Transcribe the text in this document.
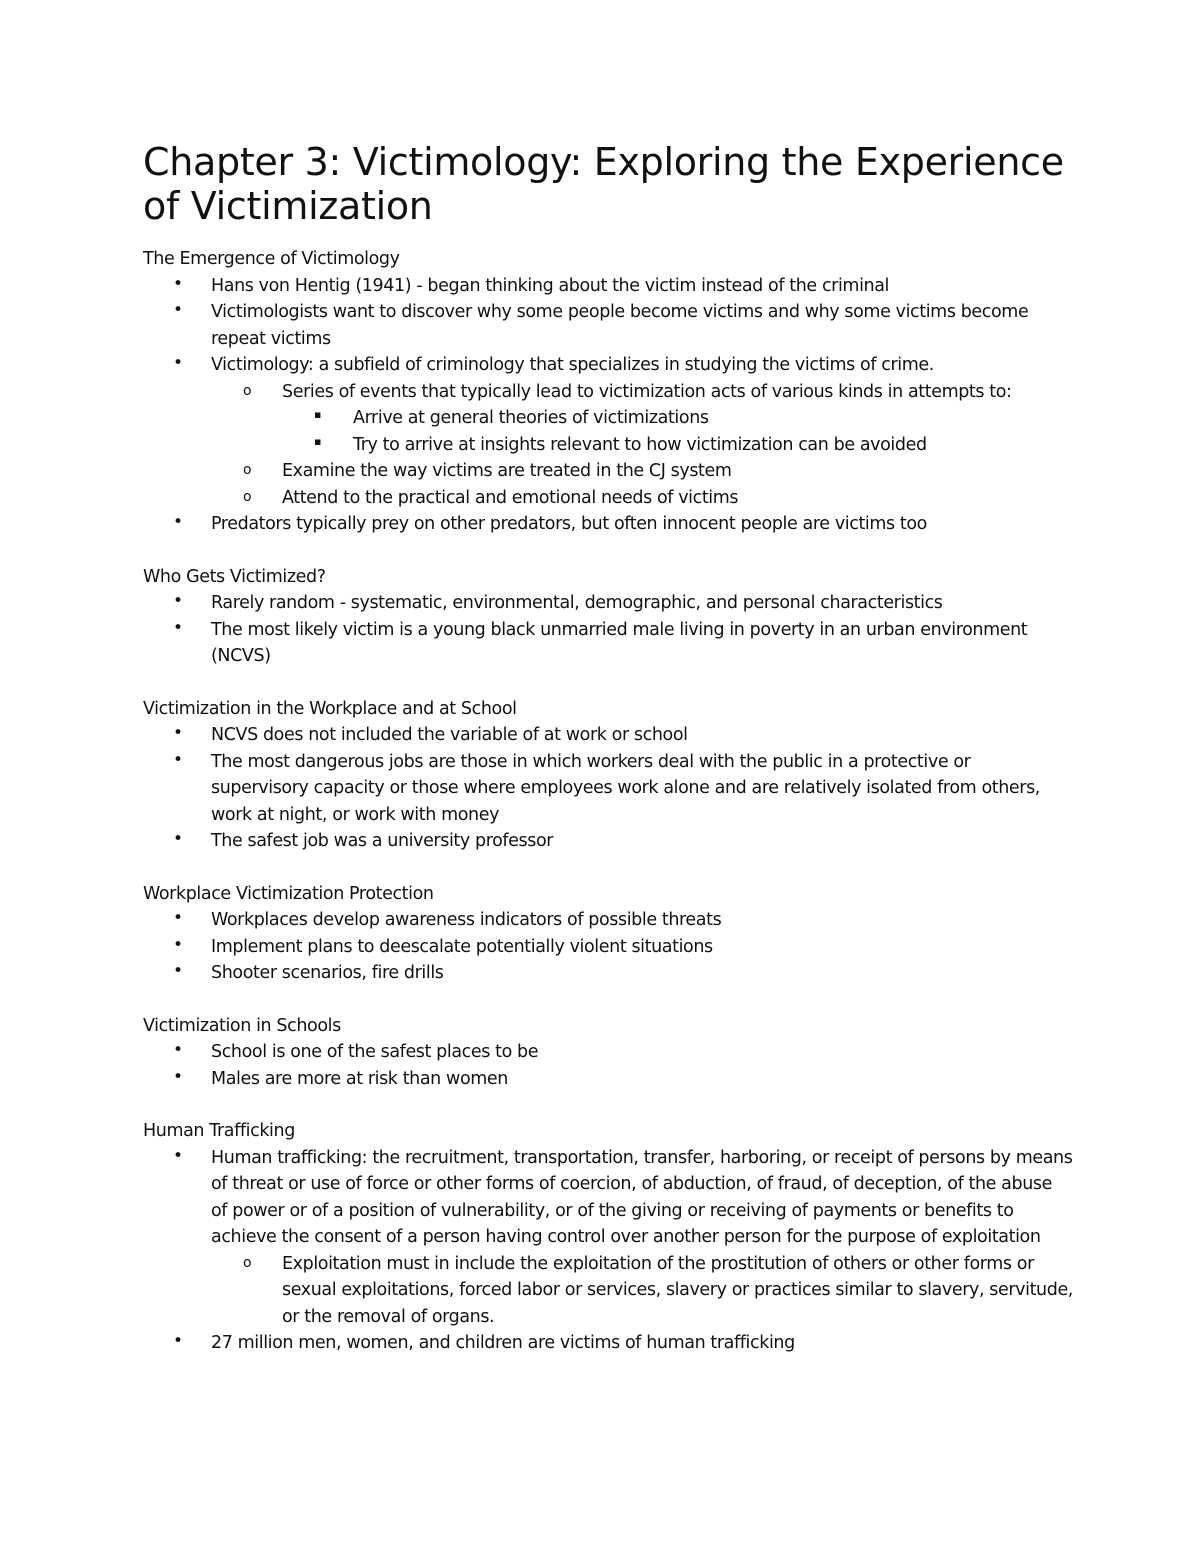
Chapter 3: Victimology: Exploring the Experience of Victimization

The Emergence of Victimology

• Hans von Hentig (1941) - began thinking about the victim instead of the criminal
• Victimologists want to discover why some people become victims and why some victims become repeat victims
• Victimology: a subfield of criminology that specializes in studying the victims of crime.
o Series of events that typically lead to victimization acts of various kinds in attempts to:
▪ Arrive at general theories of victimizations
▪ Try to arrive at insights relevant to how victimization can be avoided
o Examine the way victims are treated in the CJ system
o Attend to the practical and emotional needs of victims
• Predators typically prey on other predators, but often innocent people are victims too

Who Gets Victimized?

• Rarely random - systematic, environmental, demographic, and personal characteristics
• The most likely victim is a young black unmarried male living in poverty in an urban environment (NCVS)

Victimization in the Workplace and at School

• NCVS does not included the variable of at work or school
• The most dangerous jobs are those in which workers deal with the public in a protective or supervisory capacity or those where employees work alone and are relatively isolated from others, work at night, or work with money
• The safest job was a university professor

Workplace Victimization Protection

• Workplaces develop awareness indicators of possible threats
• Implement plans to deescalate potentially violent situations
• Shooter scenarios, fire drills

Victimization in Schools

• School is one of the safest places to be
• Males are more at risk than women

Human Trafficking

• Human trafficking: the recruitment, transportation, transfer, harboring, or receipt of persons by means of threat or use of force or other forms of coercion, of abduction, of fraud, of deception, of the abuse of power or of a position of vulnerability, or of the giving or receiving of payments or benefits to achieve the consent of a person having control over another person for the purpose of exploitation
o Exploitation must in include the exploitation of the prostitution of others or other forms or sexual exploitations, forced labor or services, slavery or practices similar to slavery, servitude, or the removal of organs.
• 27 million men, women, and children are victims of human trafficking
